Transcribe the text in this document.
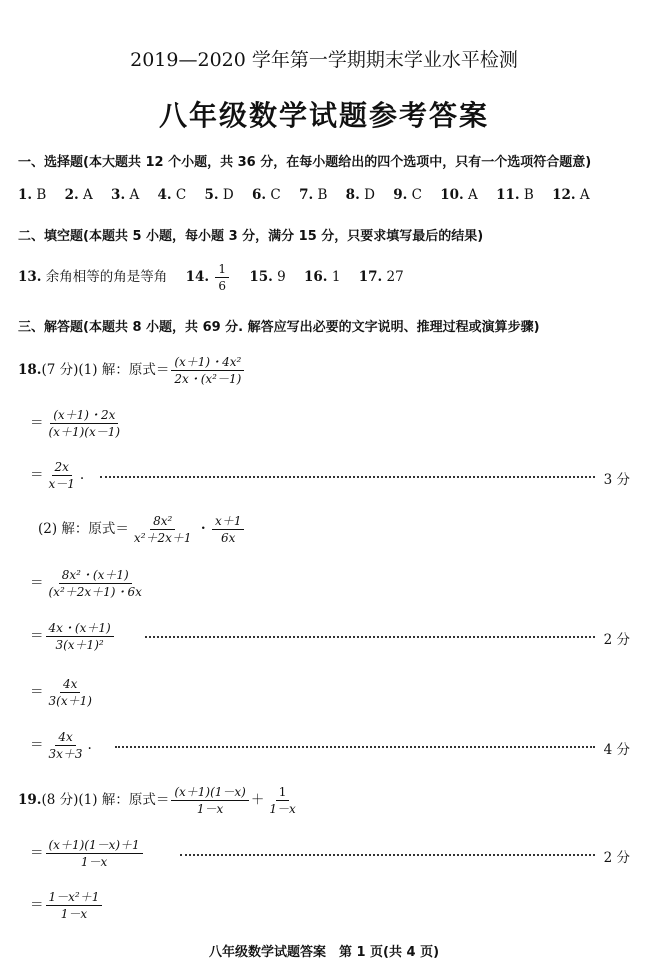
2019—2020 学年第一学期期末学业水平检测
八年级数学试题参考答案
一、选择题(本大题共 12 个小题，共 36 分，在每小题给出的四个选项中，只有一个选项符合题意)
1. B 2. A 3. A 4. C 5. D 6. C 7. B 8. D 9. C 10. A 11. B 12. A
二、填空题(本题共 5 小题，每小题 3 分，满分 15 分，只要求填写最后的结果)
13. 余角相等的角是等角 14. $\frac{1}{6} 15$. 9 16. 1 17. 27
三、解答题(本题共 8 小题，共 69 分. 解答应写出必要的文字说明、推理过程或演算步骤)
18.(7 分)(1) 解：原式＝ $\frac{\text{(x＋1)・4x²}}{\text{2x・(x²－1)}}$
＝ $\frac{(x+1)・2x}{(x+1)(x-1)}$
＝ $\frac{2x}{x-1}$ .	3 分
(2) 解：原式＝ $\frac{\text{8x²}}{\text{x²＋2x＋1}}$ ・ $\frac{x+1}{6x}$
＝ $\frac{\text{8x²・(x＋1)}}{\text{(x²＋2x＋1)・6x}}$
＝ $\frac{4x・(x+1)}{\text{3(x＋1)²}}$	2 分
＝ $\frac{4x}{3(x+1)}$
＝ $\frac{4x}{3x+3}$ .	4 分
19.(8 分)(1) 解：原式＝ $\frac{(x+1)(1-x)}{1-x} + \frac{1}{1-x}$
＝ $\frac{(x+1)(1-x)+1}{1-x}$	2 分
＝ $\frac{\text{1－x²＋1}}{1-x}$
八年级数学试题答案　第 1 页(共 4 页)
